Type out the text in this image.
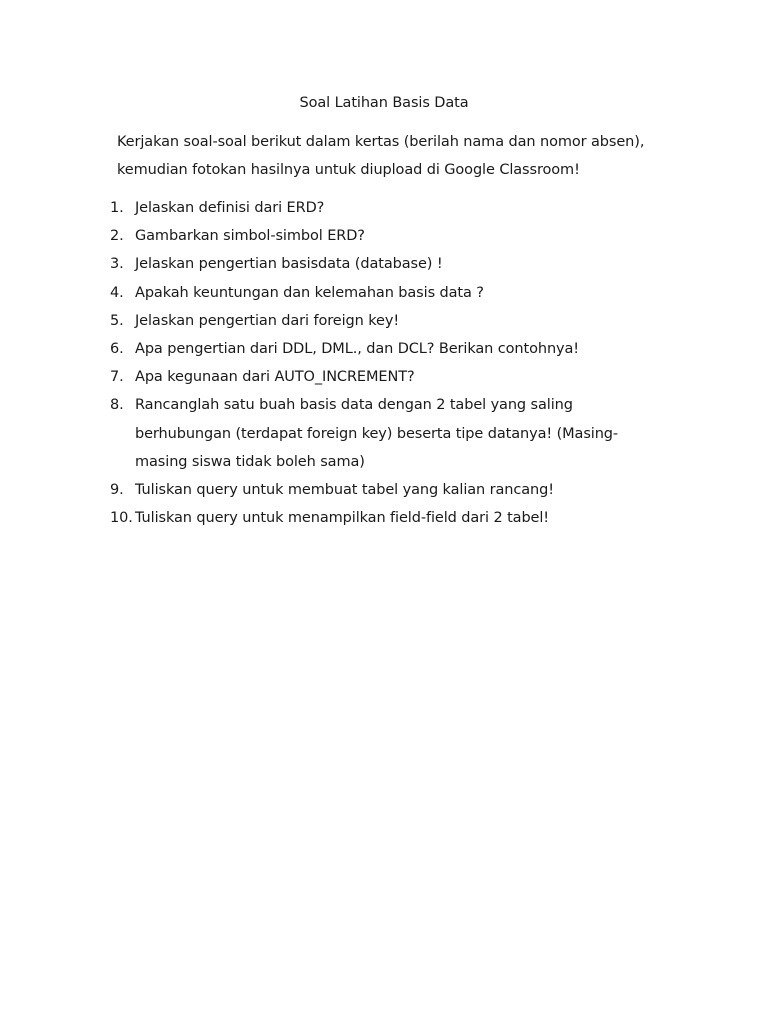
Soal Latihan Basis Data
Kerjakan soal-soal berikut dalam kertas (berilah nama dan nomor absen), kemudian fotokan hasilnya untuk diupload di Google Classroom!
1. Jelaskan definisi dari ERD?
2. Gambarkan simbol-simbol ERD?
3. Jelaskan pengertian basisdata (database) !
4. Apakah keuntungan dan kelemahan basis data ?
5. Jelaskan pengertian dari foreign key!
6. Apa pengertian dari DDL, DML., dan DCL? Berikan contohnya!
7. Apa kegunaan dari AUTO_INCREMENT?
8. Rancanglah satu buah basis data dengan 2 tabel yang saling berhubungan (terdapat foreign key) beserta tipe datanya! (Masing-masing siswa tidak boleh sama)
9. Tuliskan query untuk membuat tabel yang kalian rancang!
10. Tuliskan query untuk menampilkan field-field dari 2 tabel!
